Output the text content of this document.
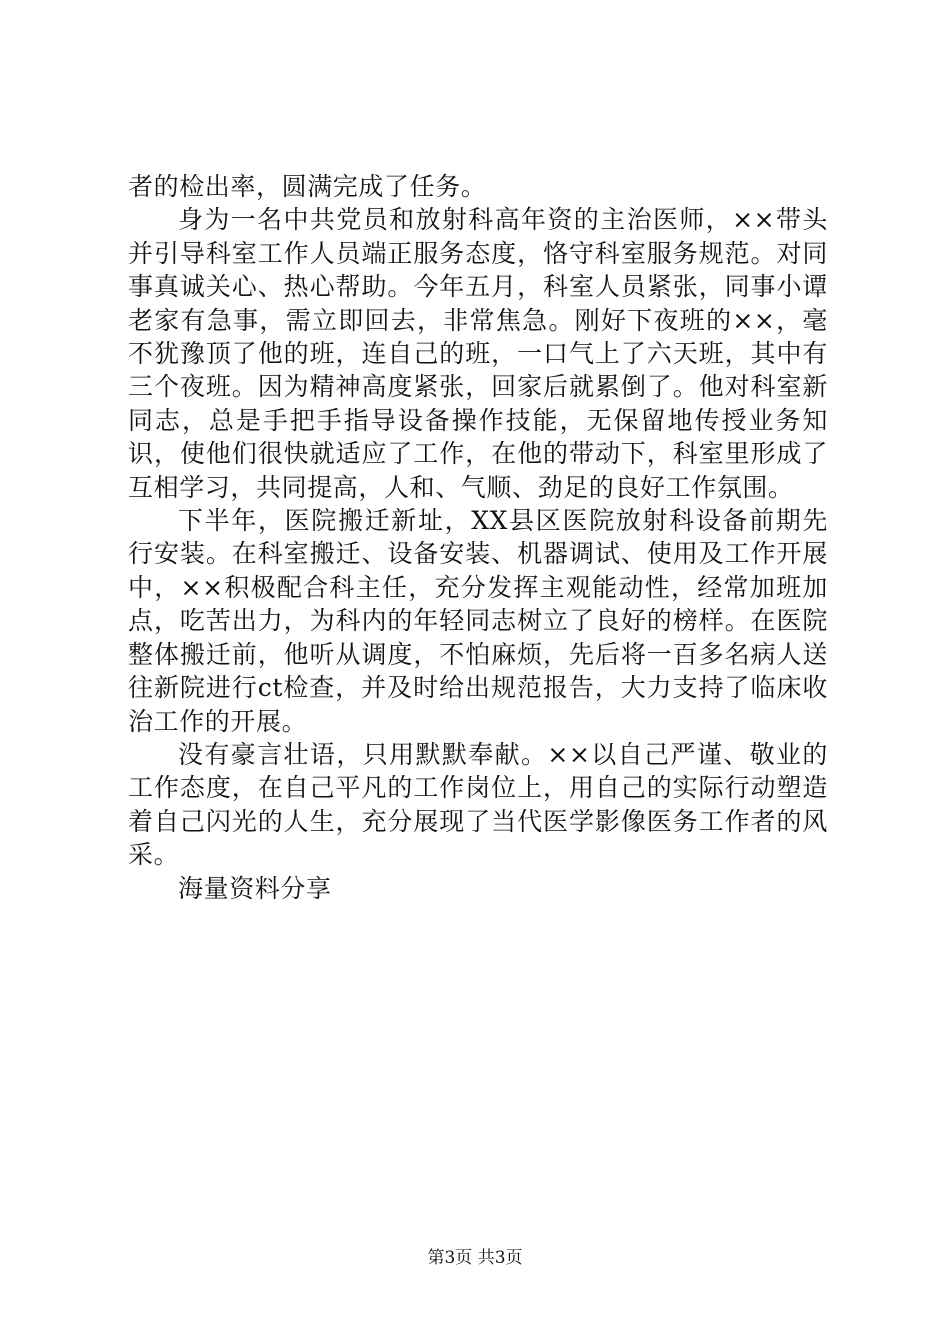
者的检出率，圆满完成了任务。

身为一名中共党员和放射科高年资的主治医师，××带头并引导科室工作人员端正服务态度，恪守科室服务规范。对同事真诚关心、热心帮助。今年五月，科室人员紧张，同事小谭老家有急事，需立即回去，非常焦急。刚好下夜班的××，毫不犹豫顶了他的班，连自己的班，一口气上了六天班，其中有三个夜班。因为精神高度紧张，回家后就累倒了。他对科室新同志，总是手把手指导设备操作技能，无保留地传授业务知识，使他们很快就适应了工作，在他的带动下，科室里形成了互相学习，共同提高，人和、气顺、劲足的良好工作氛围。

下半年，医院搬迁新址，XX县区医院放射科设备前期先行安装。在科室搬迁、设备安装、机器调试、使用及工作开展中，××积极配合科主任，充分发挥主观能动性，经常加班加点，吃苦出力，为科内的年轻同志树立了良好的榜样。在医院整体搬迁前，他听从调度，不怕麻烦，先后将一百多名病人送往新院进行ct检查，并及时给出规范报告，大力支持了临床收治工作的开展。

没有豪言壮语，只用默默奉献。××以自己严谨、敬业的工作态度，在自己平凡的工作岗位上，用自己的实际行动塑造着自己闪光的人生，充分展现了当代医学影像医务工作者的风采。

海量资料分享

第3页 共3页
